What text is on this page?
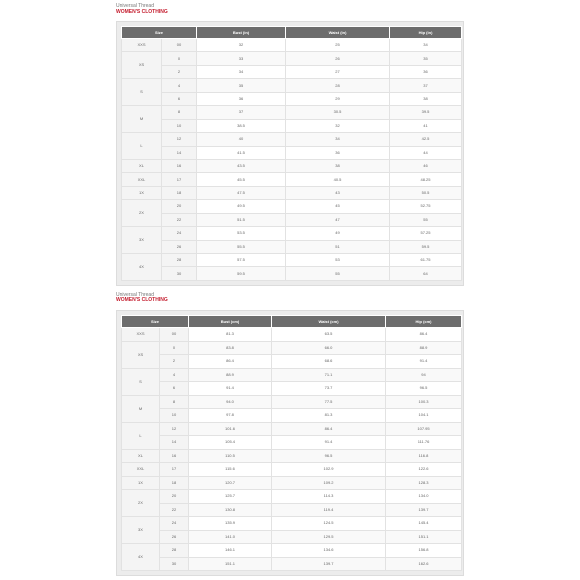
Universal Thread
WOMEN'S CLOTHING
Size		Bust (in)	Waist (in)	Hip (in)
XXS	00	32	25	34
XS	0	33	26	35
	2	34	27	36
S	4	35	28	37
	6	36	29	38
M	8	37	30.5	39.5
	10	38.5	32	41
L	12	40	34	42.5
	14	41.5	36	44
XL	16	43.5	38	46
XXL	17	45.5	40.5	48.25
1X	18	47.5	43	50.5
2X	20	49.5	45	52.75
	22	51.5	47	55
3X	24	53.5	49	57.25
	26	55.5	51	59.5
4X	28	57.5	53	61.75
	30	59.5	55	64
Universal Thread
WOMEN'S CLOTHING
Size		Bust (cm)	Waist (cm)	Hip (cm)
XXS	00	81.3	63.5	86.4
XS	0	83.8	66.0	88.9
	2	86.4	68.6	91.4
S	4	88.9	71.1	94
	6	91.4	73.7	96.5
M	8	94.0	77.5	100.3
	10	97.8	81.3	104.1
L	12	101.6	86.4	107.95
	14	105.4	91.4	111.76
XL	16	110.5	96.5	116.8
XXL	17	115.6	102.9	122.6
1X	18	120.7	109.2	128.3
2X	20	125.7	114.3	134.0
	22	130.8	119.4	139.7
3X	24	135.9	124.5	145.4
	26	141.0	129.5	151.1
4X	28	146.1	134.6	156.8
	30	151.1	139.7	162.6
